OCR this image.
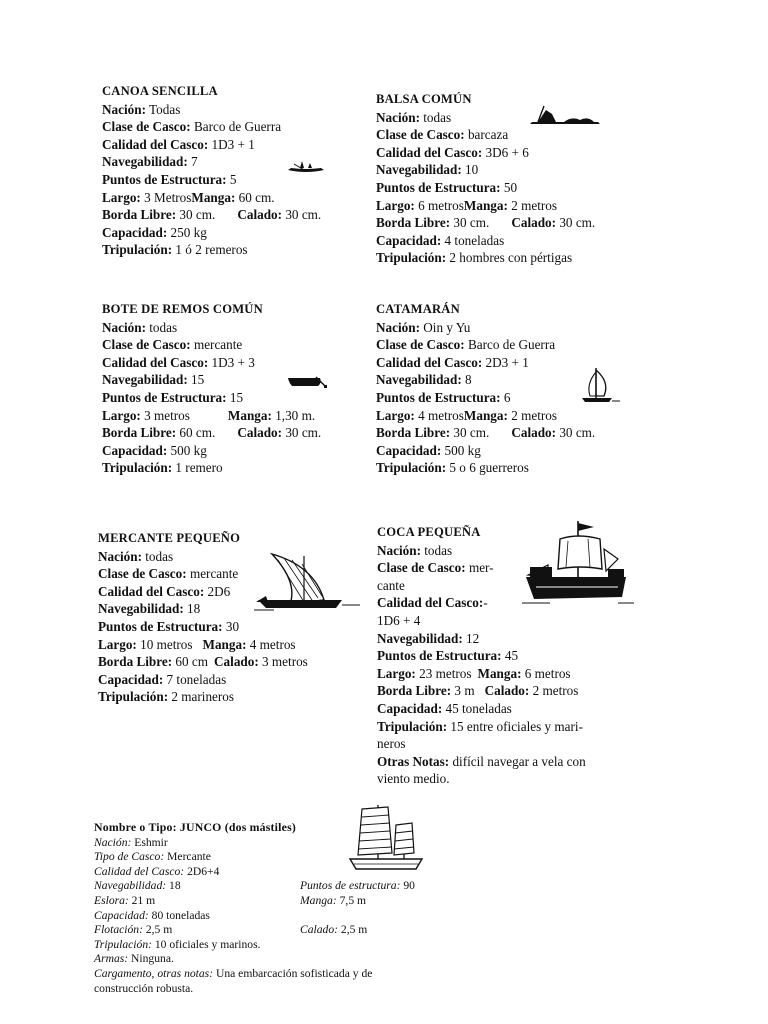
CANOA SENCILLA
Nación: Todas
Clase de Casco: Barco de Guerra
Calidad del Casco: 1D3 + 1
Navegabilidad: 7
Puntos de Estructura: 5
Largo: 3 MetrosManga: 60 cm.
Borda Libre: 30 cm. Calado: 30 cm.
Capacidad: 250 kg
Tripulación: 1 ó 2 remeros
BALSA COMÚN
Nación: todas
Clase de Casco: barcaza
Calidad del Casco: 3D6 + 6
Navegabilidad: 10
Puntos de Estructura: 50
Largo: 6 metrosManga: 2 metros
Borda Libre: 30 cm. Calado: 30 cm.
Capacidad: 4 toneladas
Tripulación: 2 hombres con pértigas
BOTE DE REMOS COMÚN
Nación: todas
Clase de Casco: mercante
Calidad del Casco: 1D3 + 3
Navegabilidad: 15
Puntos de Estructura: 15
Largo: 3 metros	Manga: 1,30 m.
Borda Libre: 60 cm. Calado: 30 cm.
Capacidad: 500 kg
Tripulación: 1 remero
CATAMARÁN
Nación: Oin y Yu
Clase de Casco: Barco de Guerra
Calidad del Casco: 2D3 + 1
Navegabilidad: 8
Puntos de Estructura: 6
Largo: 4 metrosManga: 2 metros
Borda Libre: 30 cm. Calado: 30 cm.
Capacidad: 500 kg
Tripulación: 5 o 6 guerreros
MERCANTE PEQUEÑO
Nación: todas
Clase de Casco: mercante
Calidad del Casco: 2D6
Navegabilidad: 18
Puntos de Estructura: 30
Largo: 10 metros Manga: 4 metros
Borda Libre: 60 cm Calado: 3 metros
Capacidad: 7 toneladas
Tripulación: 2 marineros
COCA PEQUEÑA
Nación: todas
Clase de Casco: mer-
cante
Calidad del Casco:-
1D6 + 4
Navegabilidad: 12
Puntos de Estructura: 45
Largo: 23 metros Manga: 6 metros
Borda Libre: 3 m Calado: 2 metros
Capacidad: 45 toneladas
Tripulación: 15 entre oficiales y mari-
neros
Otras Notas: difícil navegar a vela con
viento medio.
Nombre o Tipo: JUNCO (dos mástiles)
Nación: Eshmir
Tipo de Casco: Mercante
Calidad del Casco: 2D6+4
Navegabilidad: 18	Puntos de estructura: 90
Eslora: 21 m	Manga: 7,5 m
Capacidad: 80 toneladas
Flotación: 2,5 m	Calado: 2,5 m
Tripulación: 10 oficiales y marinos.
Armas: Ninguna.
Cargamento, otras notas: Una embarcación sofisticada y de
construcción robusta.
